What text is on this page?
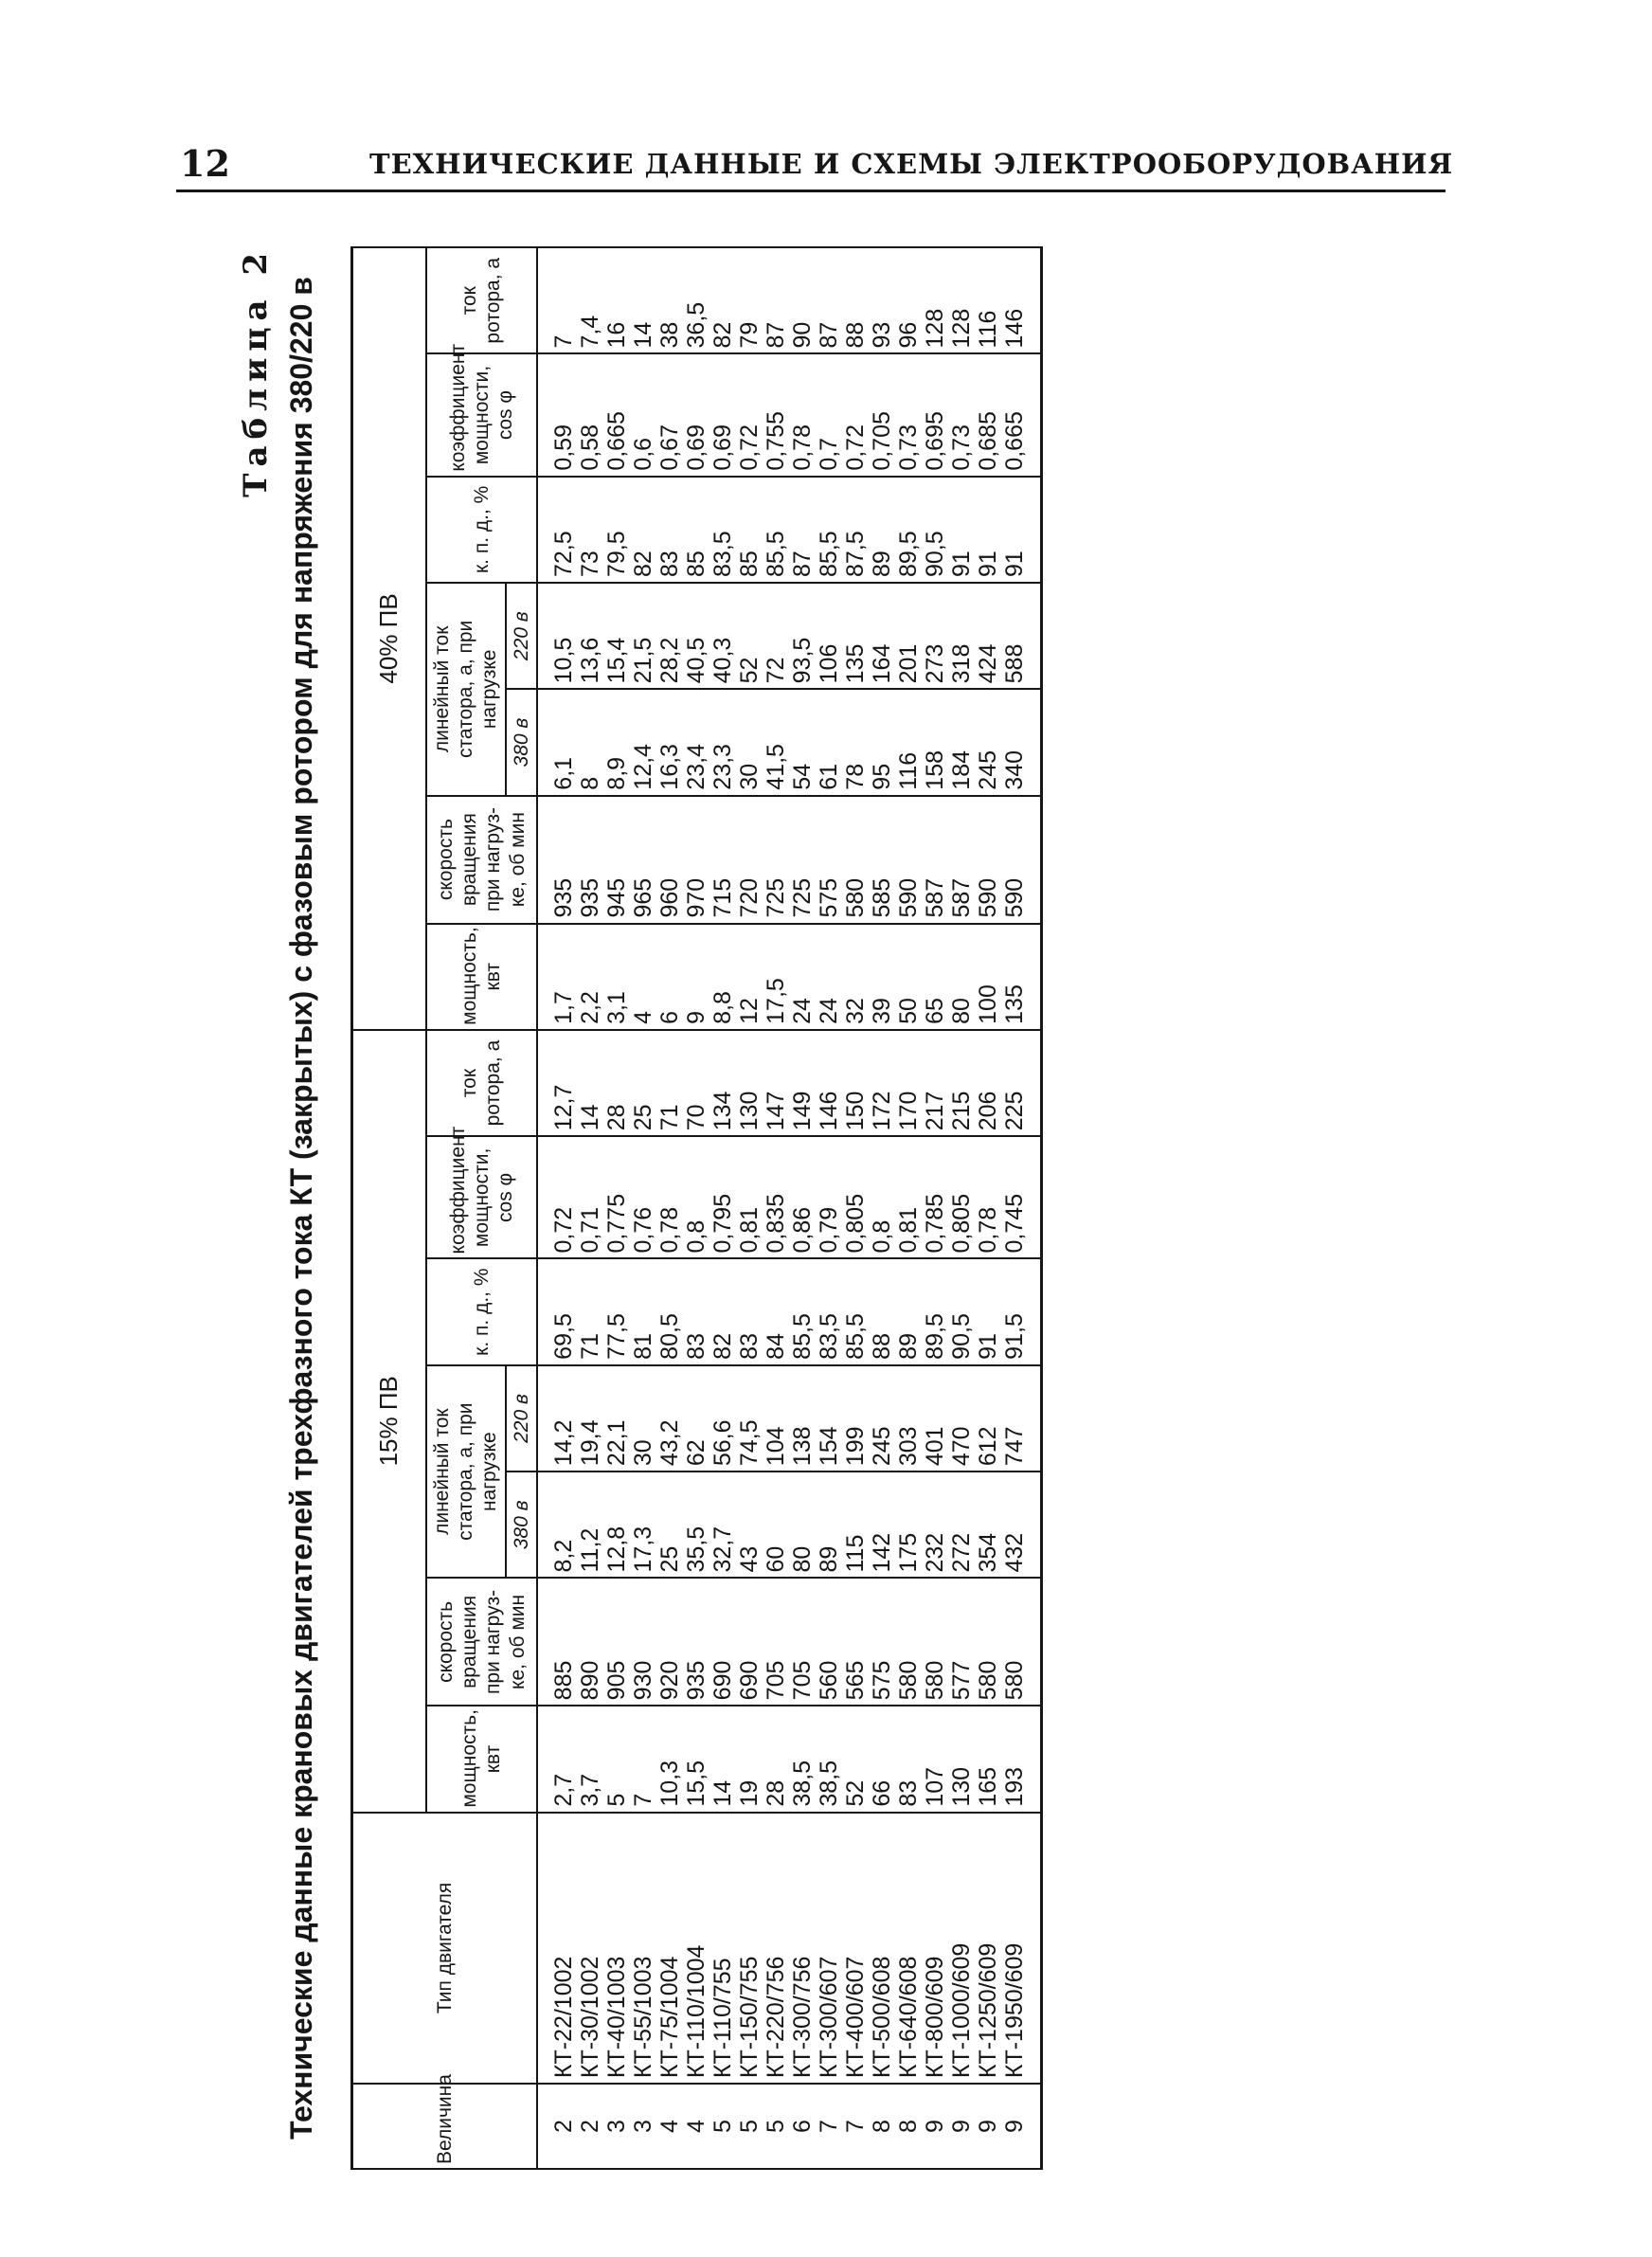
12	ТЕХНИЧЕСКИЕ ДАННЫЕ И СХЕМЫ ЭЛЕКТРООБОРУДОВАНИЯ
Таблица 2 Технические данные крановых двигателей трехфазного тока КТ (закрытых) с фазовым ротором для напряжения 380/220 в	Величина	Тип двигателя	15% ПВ							40% ПВ						
		мощность, квт	скорость вращения при нагрузке, об мин	линейный ток статора, а, при нагрузке		к. п. д., %	коэффициент мощности, cos φ	ток ротора, а	мощность, квт	скорость вращения при нагрузке, об мин	линейный ток статора, а, при нагрузке		к. п. д., %	коэффициент мощности, cos φ	ток ротора, а
				380 в	220 в						380 в	220 в			
2	КТ-22/1002	2,7	885	8,2	14,2	69,5	0,72	12,7	1,7	935	6,1	10,5	72,5	0,59	7
2	КТ-30/1002	3,7	890	11,2	19,4	71	0,71	14	2,2	935	8	13,6	73	0,58	7,4
3	КТ-40/1003	5	905	12,8	22,1	77,5	0,775	28	3,1	945	8,9	15,4	79,5	0,665	16
3	КТ-55/1003	7	930	17,3	30	81	0,76	25	4	965	12,4	21,5	82	0,6	14
4	КТ-75/1004	10,3	920	25	43,2	80,5	0,78	71	6	960	16,3	28,2	83	0,67	38
4	КТ-110/1004	15,5	935	35,5	62	83	0,8	70	9	970	23,4	40,5	85	0,69	36,5
5	КТ-110/755	14	690	32,7	56,6	82	0,795	134	8,8	715	23,3	40,3	83,5	0,69	82
5	КТ-150/755	19	690	43	74,5	83	0,81	130	12	720	30	52	85	0,72	79
5	КТ-220/756	28	705	60	104	84	0,835	147	17,5	725	41,5	72	85,5	0,755	87
6	КТ-300/756	38,5	705	80	138	85,5	0,86	149	24	725	54	93,5	87	0,78	90
7	КТ-300/607	38,5	560	89	154	83,5	0,79	146	24	575	61	106	85,5	0,7	87
7	КТ-400/607	52	565	115	199	85,5	0,805	150	32	580	78	135	87,5	0,72	88
8	КТ-500/608	66	575	142	245	88	0,8	172	39	585	95	164	89	0,705	93
8	КТ-640/608	83	580	175	303	89	0,81	170	50	590	116	201	89,5	0,73	96
9	КТ-800/609	107	580	232	401	89,5	0,785	217	65	587	158	273	90,5	0,695	128
9	КТ-1000/609	130	577	272	470	90,5	0,805	215	80	587	184	318	91	0,73	128
9	КТ-1250/609	165	580	354	612	91	0,78	206	100	590	245	424	91	0,685	116
9	КТ-1950/609	193	580	432	747	91,5	0,745	225	135	590	340	588	91	0,665	146
